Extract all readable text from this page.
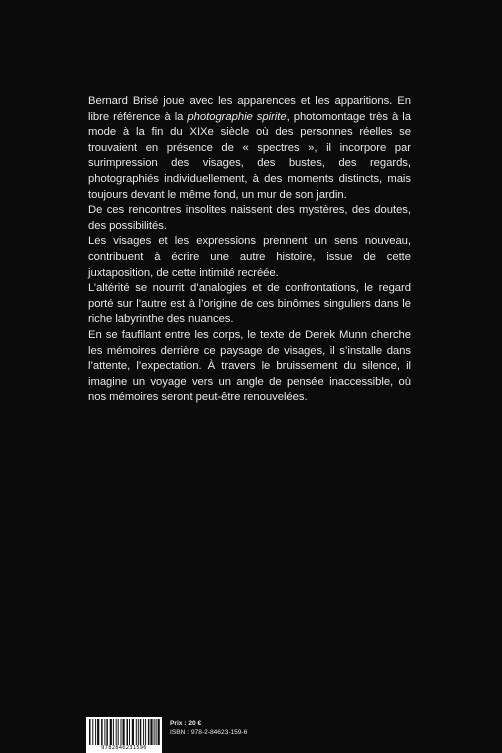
Bernard Brisé joue avec les apparences et les apparitions. En libre référence à la photographie spirite, photomontage très à la mode à la fin du XIXe siècle où des personnes réelles se trouvaient en présence de « spectres », il incorpore par surimpression des visages, des bustes, des regards, photographiés individuellement, à des moments distincts, mais toujours devant le même fond, un mur de son jardin.

De ces rencontres insolites naissent des mystères, des doutes, des possibilités.

Les visages et les expressions prennent un sens nouveau, contribuent à écrire une autre histoire, issue de cette juxtaposition, de cette intimité recréée.

L’altérité se nourrit d’analogies et de confrontations, le regard porté sur l’autre est à l’origine de ces binômes singuliers dans le riche labyrinthe des nuances.

En se faufilant entre les corps, le texte de Derek Munn cherche les mémoires derrière ce paysage de visages, il s’installe dans l’attente, l’expectation. À travers le bruissement du silence, il imagine un voyage vers un angle de pensée inaccessible, où nos mémoires seront peut-être renouvelées.

9782846231596
Prix : 20 €
ISBN : 978-2-84623-159-6
